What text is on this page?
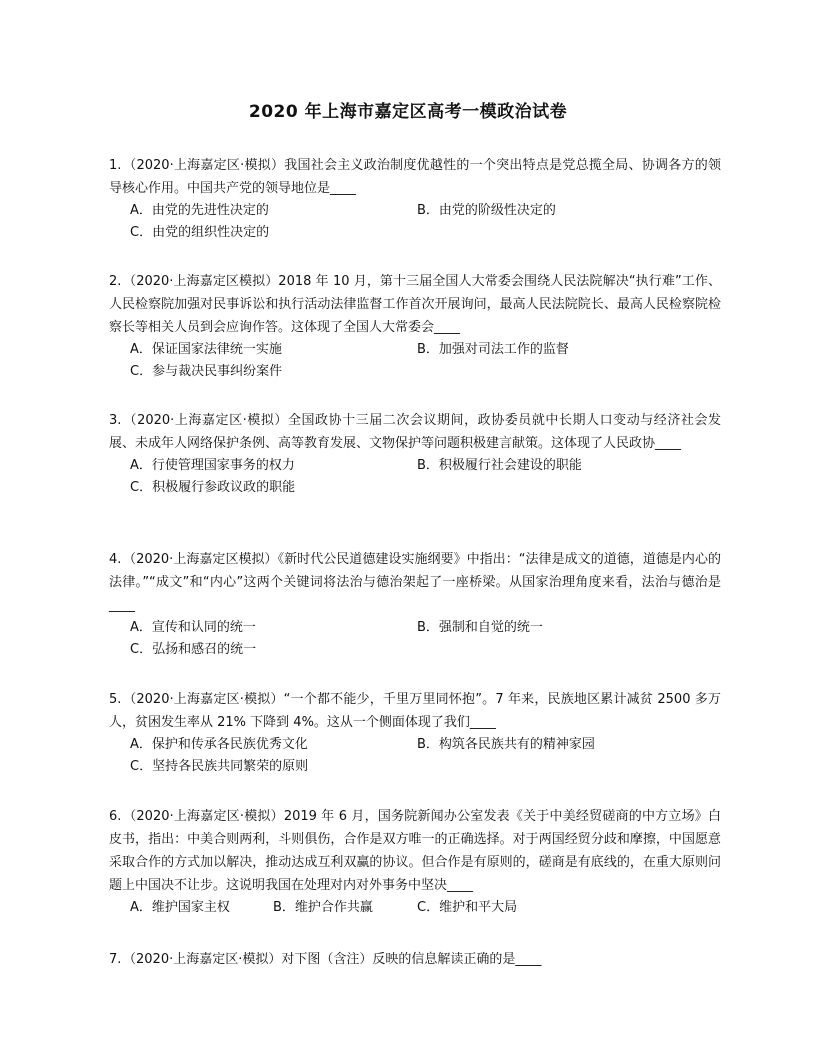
2020 年上海市嘉定区高考一模政治试卷
1. （2020·上海嘉定区·模拟）我国社会主义政治制度优越性的一个突出特点是党总揽全局、协调各方的领导核心作用。中国共产党的领导地位是____
A．由党的先进性决定的	B．由党的阶级性决定的
C．由党的组织性决定的
2. （2020·上海嘉定区模拟）2018 年 10 月，第十三届全国人大常委会围绕人民法院解决“执行难”工作、人民检察院加强对民事诉讼和执行活动法律监督工作首次开展询问，最高人民法院院长、最高人民检察院检察长等相关人员到会应询作答。这体现了全国人大常委会____
A．保证国家法律统一实施	B．加强对司法工作的监督
C．参与裁决民事纠纷案件
3. （2020·上海嘉定区·模拟）全国政协十三届二次会议期间，政协委员就中长期人口变动与经济社会发展、未成年人网络保护条例、高等教育发展、文物保护等问题积极建言献策。这体现了人民政协____
A．行使管理国家事务的权力	B．积极履行社会建设的职能
C．积极履行参政议政的职能
4. （2020·上海嘉定区模拟）《新时代公民道德建设实施纲要》中指出：“法律是成文的道德，道德是内心的法律。”“成文”和“内心”这两个关键词将法治与德治架起了一座桥梁。从国家治理角度来看，法治与德治是____
A．宣传和认同的统一	B．强制和自觉的统一
C．弘扬和感召的统一
5. （2020·上海嘉定区·模拟）“一个都不能少，千里万里同怀抱”。7 年来，民族地区累计减贫 2500 多万人，贫困发生率从 21% 下降到 4%。这从一个侧面体现了我们____
A．保护和传承各民族优秀文化	B．构筑各民族共有的精神家园
C．坚持各民族共同繁荣的原则
6. （2020·上海嘉定区·模拟）2019 年 6 月，国务院新闻办公室发表《关于中美经贸磋商的中方立场》白皮书，指出：中美合则两利，斗则俱伤，合作是双方唯一的正确选择。对于两国经贸分歧和摩擦，中国愿意采取合作的方式加以解决，推动达成互利双赢的协议。但合作是有原则的，磋商是有底线的，在重大原则问题上中国决不让步。这说明我国在处理对内对外事务中坚决____
A．维护国家主权	B．维护合作共赢	C．维护和平大局
7. （2020·上海嘉定区·模拟）对下图（含注）反映的信息解读正确的是____
